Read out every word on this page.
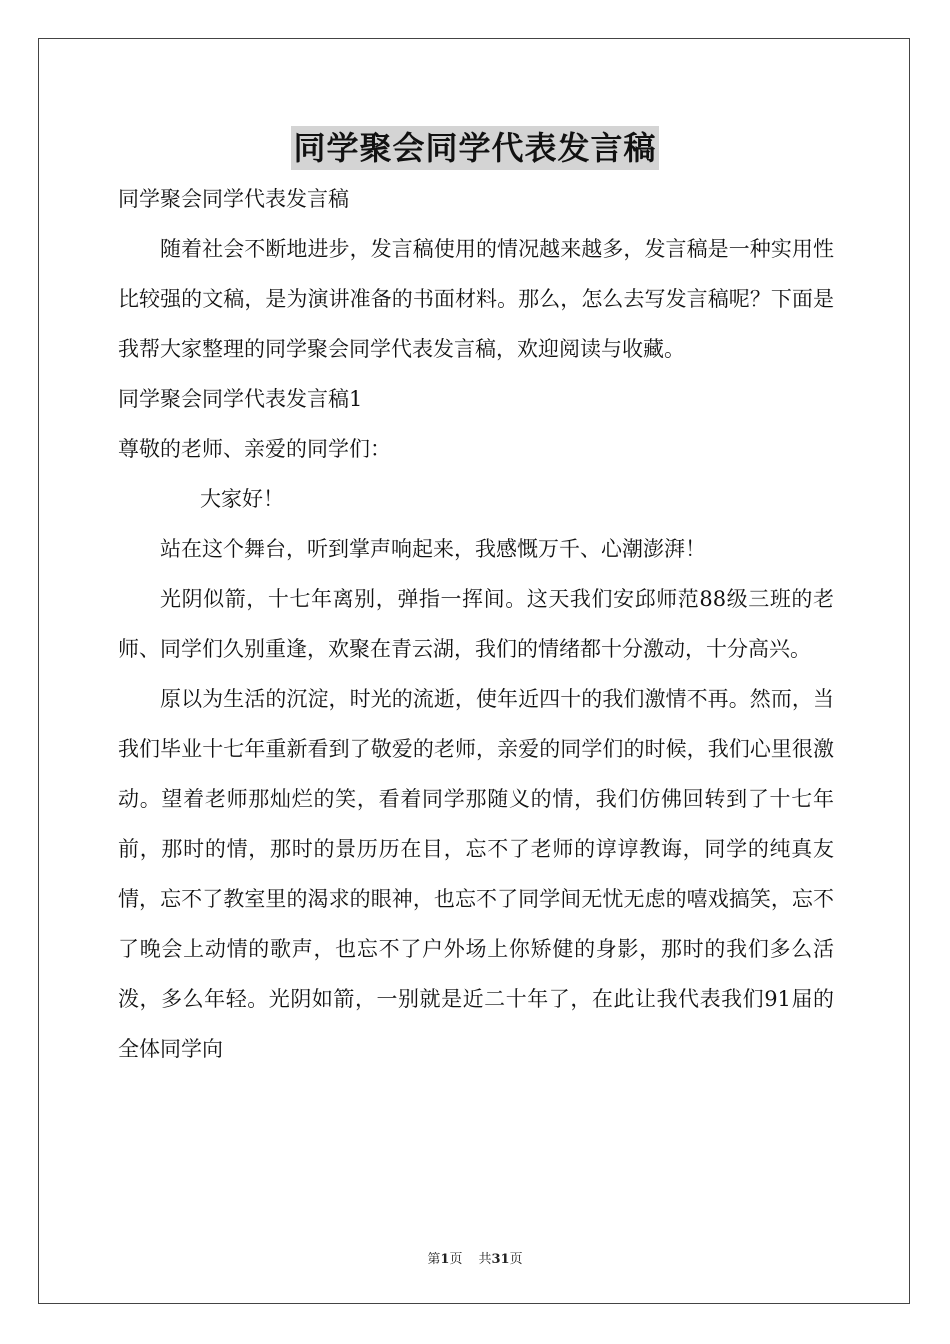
同学聚会同学代表发言稿

同学聚会同学代表发言稿

随着社会不断地进步，发言稿使用的情况越来越多，发言稿是一种实用性比较强的文稿，是为演讲准备的书面材料。那么，怎么去写发言稿呢？下面是我帮大家整理的同学聚会同学代表发言稿，欢迎阅读与收藏。

同学聚会同学代表发言稿1

尊敬的老师、亲爱的同学们：

大家好！

站在这个舞台，听到掌声响起来，我感慨万千、心潮澎湃！

光阴似箭，十七年离别，弹指一挥间。这天我们安邱师范88级三班的老师、同学们久别重逢，欢聚在青云湖，我们的情绪都十分激动，十分高兴。

原以为生活的沉淀，时光的流逝，使年近四十的我们激情不再。然而，当我们毕业十七年重新看到了敬爱的老师，亲爱的同学们的时候，我们心里很激动。望着老师那灿烂的笑，看着同学那随义的情，我们仿佛回转到了十七年前，那时的情，那时的景历历在目，忘不了老师的谆谆教诲，同学的纯真友情，忘不了教室里的渴求的眼神，也忘不了同学间无忧无虑的嘻戏搞笑，忘不了晚会上动情的歌声，也忘不了户外场上你矫健的身影，那时的我们多么活泼，多么年轻。光阴如箭，一别就是近二十年了，在此让我代表我们91届的全体同学向

第1页 共31页
